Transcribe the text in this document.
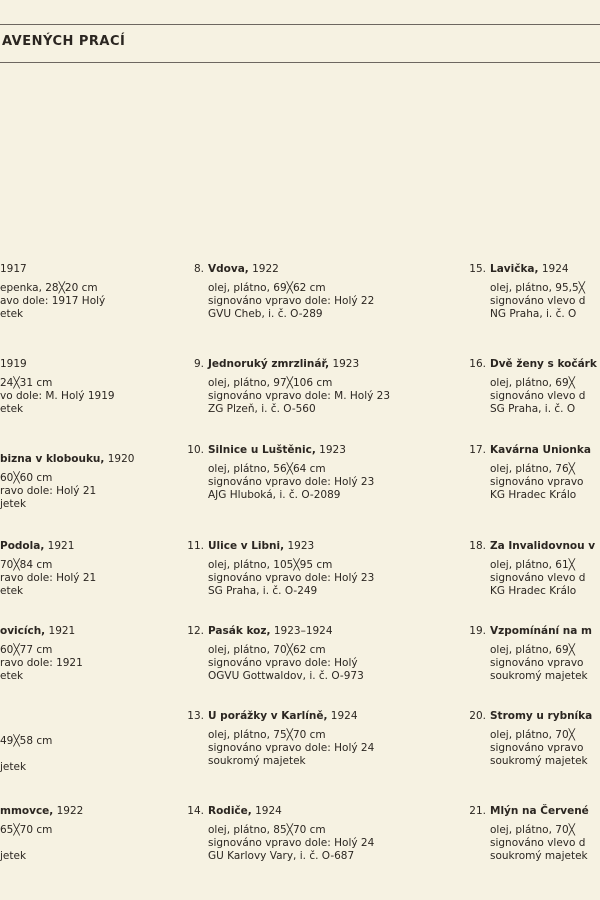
AVENÝCH PRACÍ
1917
epenka, 28╳20 cm
avo dole: 1917 Holý
etek
1919
24╳31 cm
vo dole: M. Holý 1919
etek
bizna v klobouku, 1920
60╳60 cm
ravo dole: Holý 21
jetek
Podola, 1921
70╳84 cm
ravo dole: Holý 21
etek
ovicích, 1921
60╳77 cm
ravo dole: 1921
etek
49╳58 cm

jetek
mmovce, 1922
65╳70 cm

jetek
8. Vdova, 1922
olej, plátno, 69╳62 cm
signováno vpravo dole: Holý 22
GVU Cheb, i. č. O-289
9. Jednoruký zmrzlinář, 1923
olej, plátno, 97╳106 cm
signováno vpravo dole: M. Holý 23
ZG Plzeň, i. č. O-560
10. Silnice u Luštěnic, 1923
olej, plátno, 56╳64 cm
signováno vpravo dole: Holý 23
AJG Hluboká, i. č. O-2089
11. Ulice v Libni, 1923
olej, plátno, 105╳95 cm
signováno vpravo dole: Holý 23
SG Praha, i. č. O-249
12. Pasák koz, 1923–1924
olej, plátno, 70╳62 cm
signováno vpravo dole: Holý
OGVU Gottwaldov, i. č. O-973
13. U porážky v Karlíně, 1924
olej, plátno, 75╳70 cm
signováno vpravo dole: Holý 24
soukromý majetek
14. Rodiče, 1924
olej, plátno, 85╳70 cm
signováno vpravo dole: Holý 24
GU Karlovy Vary, i. č. O-687
15. Lavička, 1924
olej, plátno, 95,5╳
signováno vlevo d
NG Praha, i. č. O
16. Dvě ženy s kočárk
olej, plátno, 69╳
signováno vlevo d
SG Praha, i. č. O
17. Kavárna Unionka
olej, plátno, 76╳
signováno vpravo
KG Hradec Králo
18. Za Invalidovnou v
olej, plátno, 61╳
signováno vlevo d
KG Hradec Králo
19. Vzpomínání na m
olej, plátno, 69╳
signováno vpravo
soukromý majetek
20. Stromy u rybníka
olej, plátno, 70╳
signováno vpravo
soukromý majetek
21. Mlýn na Červené
olej, plátno, 70╳
signováno vlevo d
soukromý majetek
